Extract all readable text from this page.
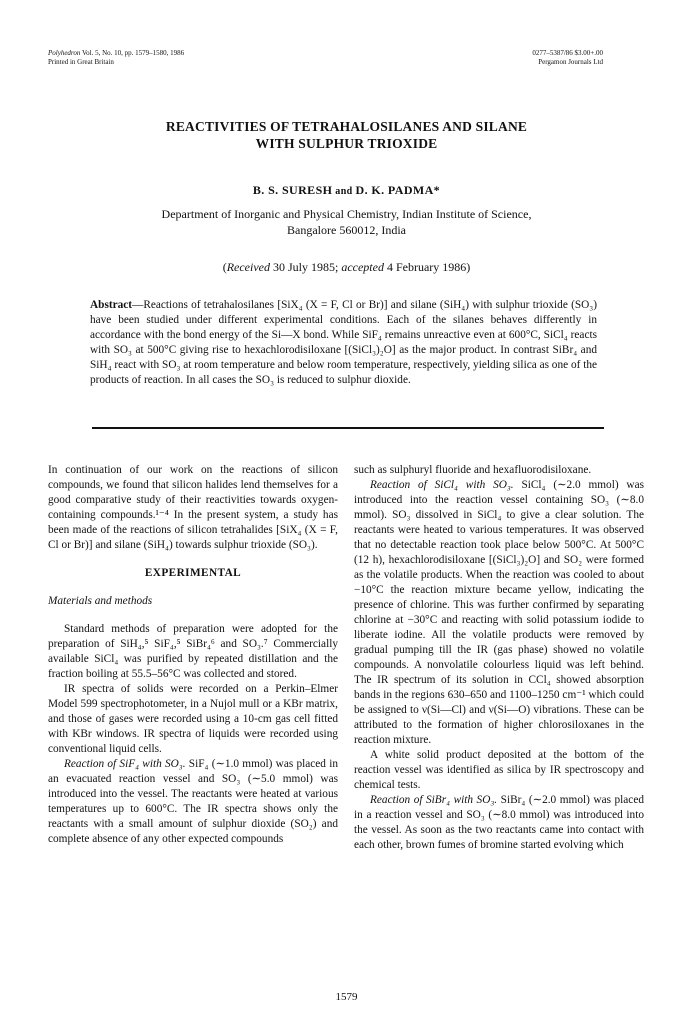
Polyhedron Vol. 5, No. 10, pp. 1579–1580, 1986
Printed in Great Britain
0277–5387/86 $3.00+.00
Pergamon Journals Ltd
REACTIVITIES OF TETRAHALOSILANES AND SILANE
WITH SULPHUR TRIOXIDE
B. S. SURESH and D. K. PADMA*
Department of Inorganic and Physical Chemistry, Indian Institute of Science,
Bangalore 560012, India
(Received 30 July 1985; accepted 4 February 1986)

Abstract—Reactions of tetrahalosilanes [SiX₄ (X = F, Cl or Br)] and silane (SiH₄) with sulphur trioxide (SO₃) have been studied under different experimental conditions. Each of the silanes behaves differently in accordance with the bond energy of the Si—X bond. While SiF₄ remains unreactive even at 600°C, SiCl₄ reacts with SO₃ at 500°C giving rise to hexachlorodisiloxane [(SiCl₃)₂O] as the major product. In contrast SiBr₄ and SiH₄ react with SO₃ at room temperature and below room temperature, respectively, yielding silica as one of the products of reaction. In all cases the SO₃ is reduced to sulphur dioxide.

In continuation of our work on the reactions of silicon compounds, we found that silicon halides lend themselves for a good comparative study of their reactivities towards oxygen-containing compounds.¹⁻⁴ In the present system, a study has been made of the reactions of silicon tetrahalides [SiX₄ (X = F, Cl or Br)] and silane (SiH₄) towards sulphur trioxide (SO₃).

EXPERIMENTAL
Materials and methods

Standard methods of preparation were adopted for the preparation of SiH₄,⁵ SiF₄,⁵ SiBr₄⁶ and SO₃.⁷ Commercially available SiCl₄ was purified by repeated distillation and the fraction boiling at 55.5–56°C was collected and stored.

IR spectra of solids were recorded on a Perkin–Elmer Model 599 spectrophotometer, in a Nujol mull or a KBr matrix, and those of gases were recorded using a 10-cm gas cell fitted with KBr windows. IR spectra of liquids were recorded using conventional liquid cells.

Reaction of SiF₄ with SO₃. SiF₄ (∼1.0 mmol) was placed in an evacuated reaction vessel and SO₃ (∼5.0 mmol) was introduced into the vessel. The reactants were heated at various temperatures up to 600°C. The IR spectra shows only the reactants with a small amount of sulphur dioxide (SO₂) and complete absence of any other expected compounds

such as sulphuryl fluoride and hexafluorodisiloxane.

Reaction of SiCl₄ with SO₃. SiCl₄ (∼2.0 mmol) was introduced into the reaction vessel containing SO₃ (∼8.0 mmol). SO₃ dissolved in SiCl₄ to give a clear solution. The reactants were heated to various temperatures. It was observed that no detectable reaction took place below 500°C. At 500°C (12 h), hexachlorodisiloxane [(SiCl₃)₂O] and SO₂ were formed as the volatile products. When the reaction was cooled to about −10°C the reaction mixture became yellow, indicating the presence of chlorine. This was further confirmed by separating chlorine at −30°C and reacting with solid potassium iodide to liberate iodine. All the volatile products were removed by gradual pumping till the IR (gas phase) showed no volatile compounds. A nonvolatile colourless liquid was left behind. The IR spectrum of its solution in CCl₄ showed absorption bands in the regions 630–650 and 1100–1250 cm⁻¹ which could be assigned to ν(Si—Cl) and ν(Si—O) vibrations. These can be attributed to the formation of higher chlorosiloxanes in the reaction mixture.

A white solid product deposited at the bottom of the reaction vessel was identified as silica by IR spectroscopy and chemical tests.

Reaction of SiBr₄ with SO₃. SiBr₄ (∼2.0 mmol) was placed in a reaction vessel and SO₃ (∼8.0 mmol) was introduced into the vessel. As soon as the two reactants came into contact with each other, brown fumes of bromine started evolving which

1579
